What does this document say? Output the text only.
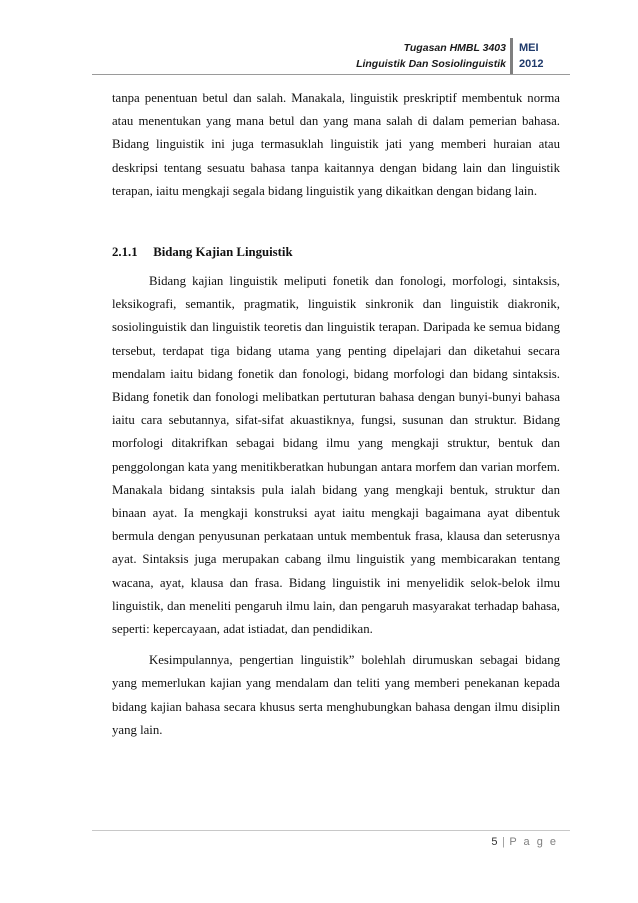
Tugasan HMBL 3403
Linguistik Dan Sosiolinguistik
MEI
2012

tanpa penentuan betul dan salah. Manakala, linguistik preskriptif membentuk norma atau menentukan yang mana betul dan yang mana salah di dalam pemerian bahasa. Bidang linguistik ini juga termasuklah linguistik jati yang memberi huraian atau deskripsi tentang sesuatu bahasa tanpa kaitannya dengan bidang lain dan linguistik terapan, iaitu mengkaji segala bidang linguistik yang dikaitkan dengan bidang lain.

2.1.1 Bidang Kajian Linguistik

Bidang kajian linguistik meliputi fonetik dan fonologi, morfologi, sintaksis, leksikografi, semantik, pragmatik, linguistik sinkronik dan linguistik diakronik, sosiolinguistik dan linguistik teoretis dan linguistik terapan. Daripada ke semua bidang tersebut, terdapat tiga bidang utama yang penting dipelajari dan diketahui secara mendalam iaitu bidang fonetik dan fonologi, bidang morfologi dan bidang sintaksis. Bidang fonetik dan fonologi melibatkan pertuturan bahasa dengan bunyi-bunyi bahasa iaitu cara sebutannya, sifat-sifat akuastiknya, fungsi, susunan dan struktur. Bidang morfologi ditakrifkan sebagai bidang ilmu yang mengkaji struktur, bentuk dan penggolongan kata yang menitikberatkan hubungan antara morfem dan varian morfem. Manakala bidang sintaksis pula ialah bidang yang mengkaji bentuk, struktur dan binaan ayat. Ia mengkaji konstruksi ayat iaitu mengkaji bagaimana ayat dibentuk bermula dengan penyusunan perkataan untuk membentuk frasa, klausa dan seterusnya ayat. Sintaksis juga merupakan cabang ilmu linguistik yang membicarakan tentang wacana, ayat, klausa dan frasa. Bidang linguistik ini menyelidik selok-belok ilmu linguistik, dan meneliti pengaruh ilmu lain, dan pengaruh masyarakat terhadap bahasa, seperti: kepercayaan, adat istiadat, dan pendidikan.

Kesimpulannya, pengertian linguistik” bolehlah dirumuskan sebagai bidang yang memerlukan kajian yang mendalam dan teliti yang memberi penekanan kepada bidang kajian bahasa secara khusus serta menghubungkan bahasa dengan ilmu disiplin yang lain.

5 | P a g e
